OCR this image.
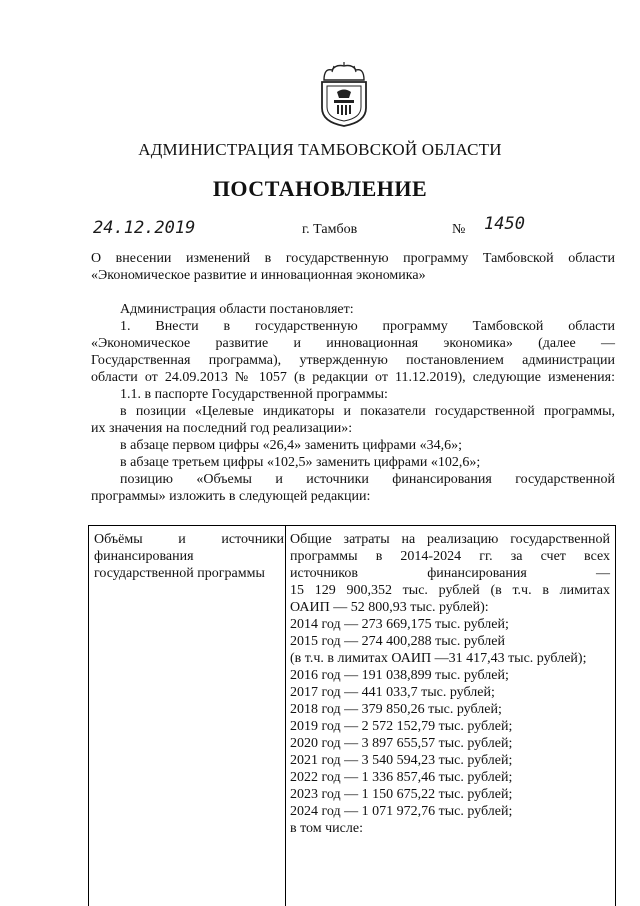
АДМИНИСТРАЦИЯ ТАМБОВСКОЙ ОБЛАСТИ
ПОСТАНОВЛЕНИЕ
24.12.2019	г. Тамбов	№ 1450
О внесении изменений в государственную программу Тамбовской области
«Экономическое развитие и инновационная экономика»
Администрация области постановляет:
1. Внести в государственную программу Тамбовской области
«Экономическое развитие и инновационная экономика» (далее —
Государственная программа), утвержденную постановлением администрации
области от 24.09.2013 № 1057 (в редакции от 11.12.2019), следующие изменения:
1.1. в паспорте Государственной программы:
в позиции «Целевые индикаторы и показатели государственной программы,
их значения на последний год реализации»:
в абзаце первом цифры «26,4» заменить цифрами «34,6»;
в абзаце третьем цифры «102,5» заменить цифрами «102,6»;
позицию «Объемы и источники финансирования государственной
программы» изложить в следующей редакции:
Объёмы и источники
финансирования
государственной программы
Общие затраты на реализацию государственной
программы в 2014-2024 гг. за счет всех
источников финансирования —
15 129 900,352 тыс. рублей (в т.ч. в лимитах
ОАИП — 52 800,93 тыс. рублей):
2014 год — 273 669,175 тыс. рублей;
2015 год — 274 400,288 тыс. рублей
(в т.ч. в лимитах ОАИП —31 417,43 тыс. рублей);
2016 год — 191 038,899 тыс. рублей;
2017 год — 441 033,7 тыс. рублей;
2018 год — 379 850,26 тыс. рублей;
2019 год — 2 572 152,79 тыс. рублей;
2020 год — 3 897 655,57 тыс. рублей;
2021 год — 3 540 594,23 тыс. рублей;
2022 год — 1 336 857,46 тыс. рублей;
2023 год — 1 150 675,22 тыс. рублей;
2024 год — 1 071 972,76 тыс. рублей;
в том числе:
